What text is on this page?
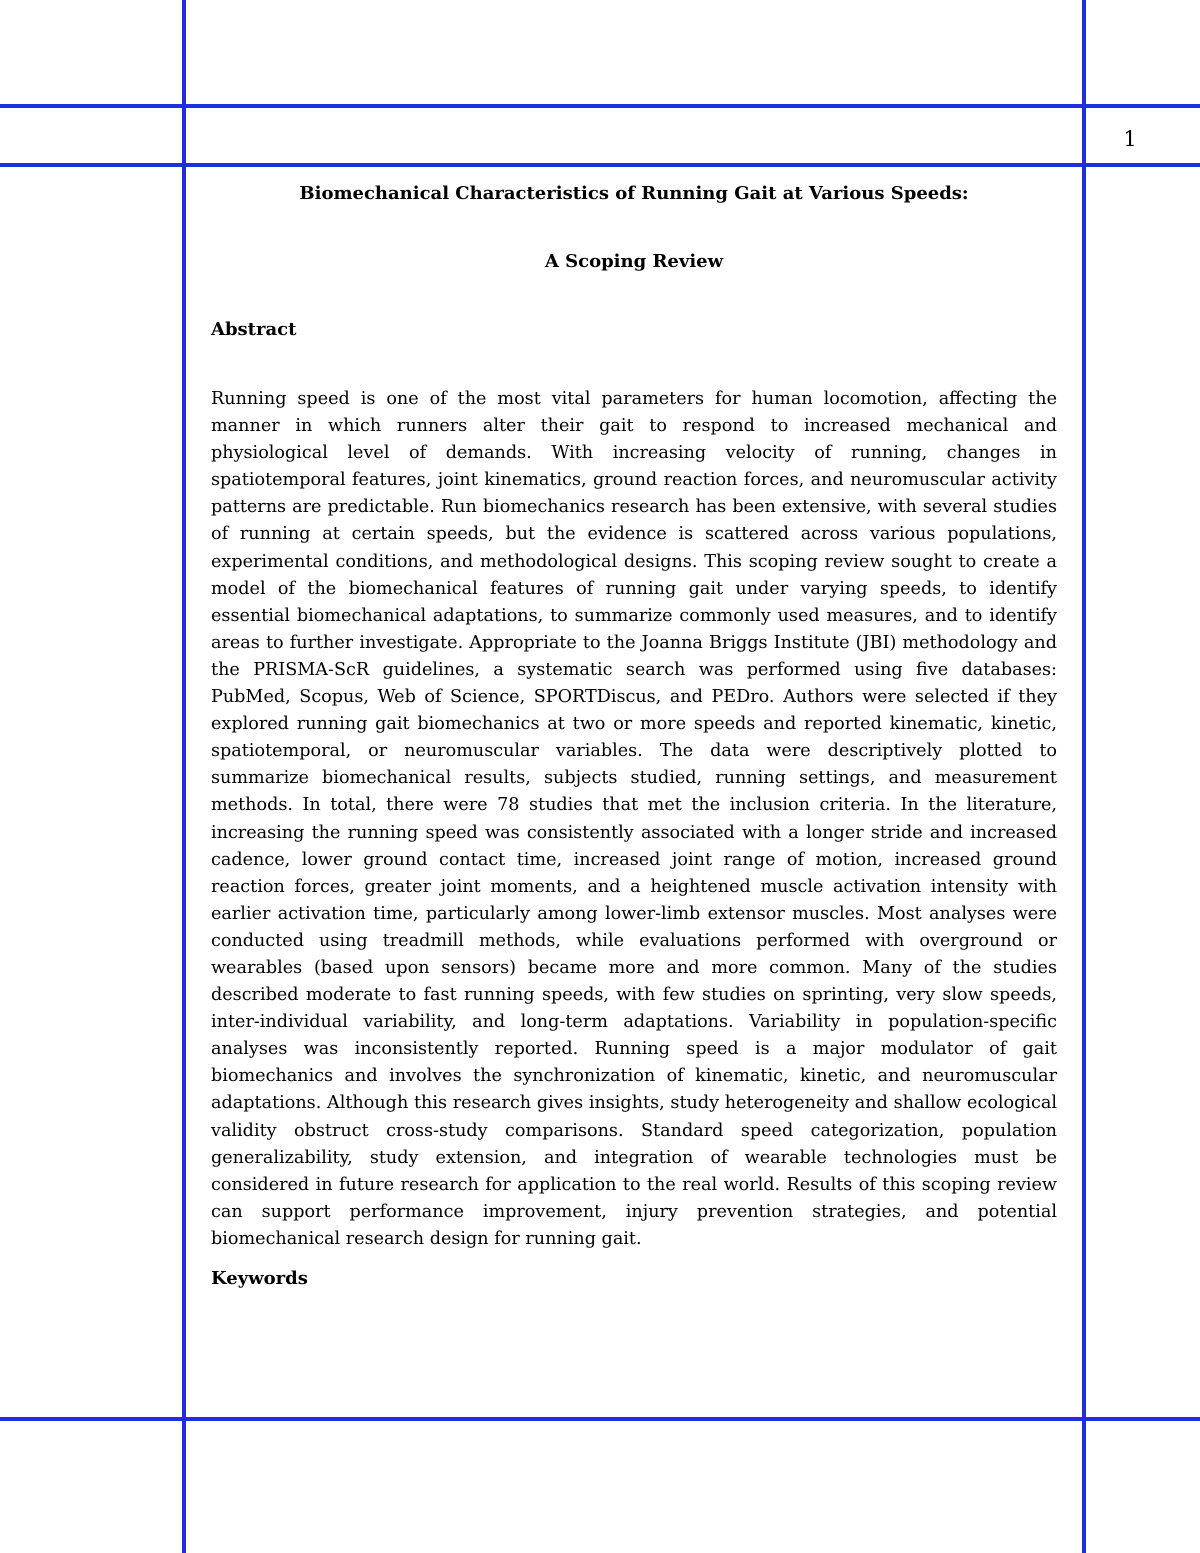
1
Biomechanical Characteristics of Running Gait at Various Speeds:
A Scoping Review
Abstract

Running speed is one of the most vital parameters for human locomotion, affecting the manner in which runners alter their gait to respond to increased mechanical and physiological level of demands. With increasing velocity of running, changes in spatiotemporal features, joint kinematics, ground reaction forces, and neuromuscular activity patterns are predictable. Run biomechanics research has been extensive, with several studies of running at certain speeds, but the evidence is scattered across various populations, experimental conditions, and methodological designs. This scoping review sought to create a model of the biomechanical features of running gait under varying speeds, to identify essential biomechanical adaptations, to summarize commonly used measures, and to identify areas to further investigate. Appropriate to the Joanna Briggs Institute (JBI) methodology and the PRISMA-ScR guidelines, a systematic search was performed using five databases: PubMed, Scopus, Web of Science, SPORTDiscus, and PEDro. Authors were selected if they explored running gait biomechanics at two or more speeds and reported kinematic, kinetic, spatiotemporal, or neuromuscular variables. The data were descriptively plotted to summarize biomechanical results, subjects studied, running settings, and measurement methods. In total, there were 78 studies that met the inclusion criteria. In the literature, increasing the running speed was consistently associated with a longer stride and increased cadence, lower ground contact time, increased joint range of motion, increased ground reaction forces, greater joint moments, and a heightened muscle activation intensity with earlier activation time, particularly among lower-limb extensor muscles. Most analyses were conducted using treadmill methods, while evaluations performed with overground or wearables (based upon sensors) became more and more common. Many of the studies described moderate to fast running speeds, with few studies on sprinting, very slow speeds, inter-individual variability, and long-term adaptations. Variability in population-specific analyses was inconsistently reported. Running speed is a major modulator of gait biomechanics and involves the synchronization of kinematic, kinetic, and neuromuscular adaptations. Although this research gives insights, study heterogeneity and shallow ecological validity obstruct cross-study comparisons. Standard speed categorization, population generalizability, study extension, and integration of wearable technologies must be considered in future research for application to the real world. Results of this scoping review can support performance improvement, injury prevention strategies, and potential biomechanical research design for running gait.

Keywords
